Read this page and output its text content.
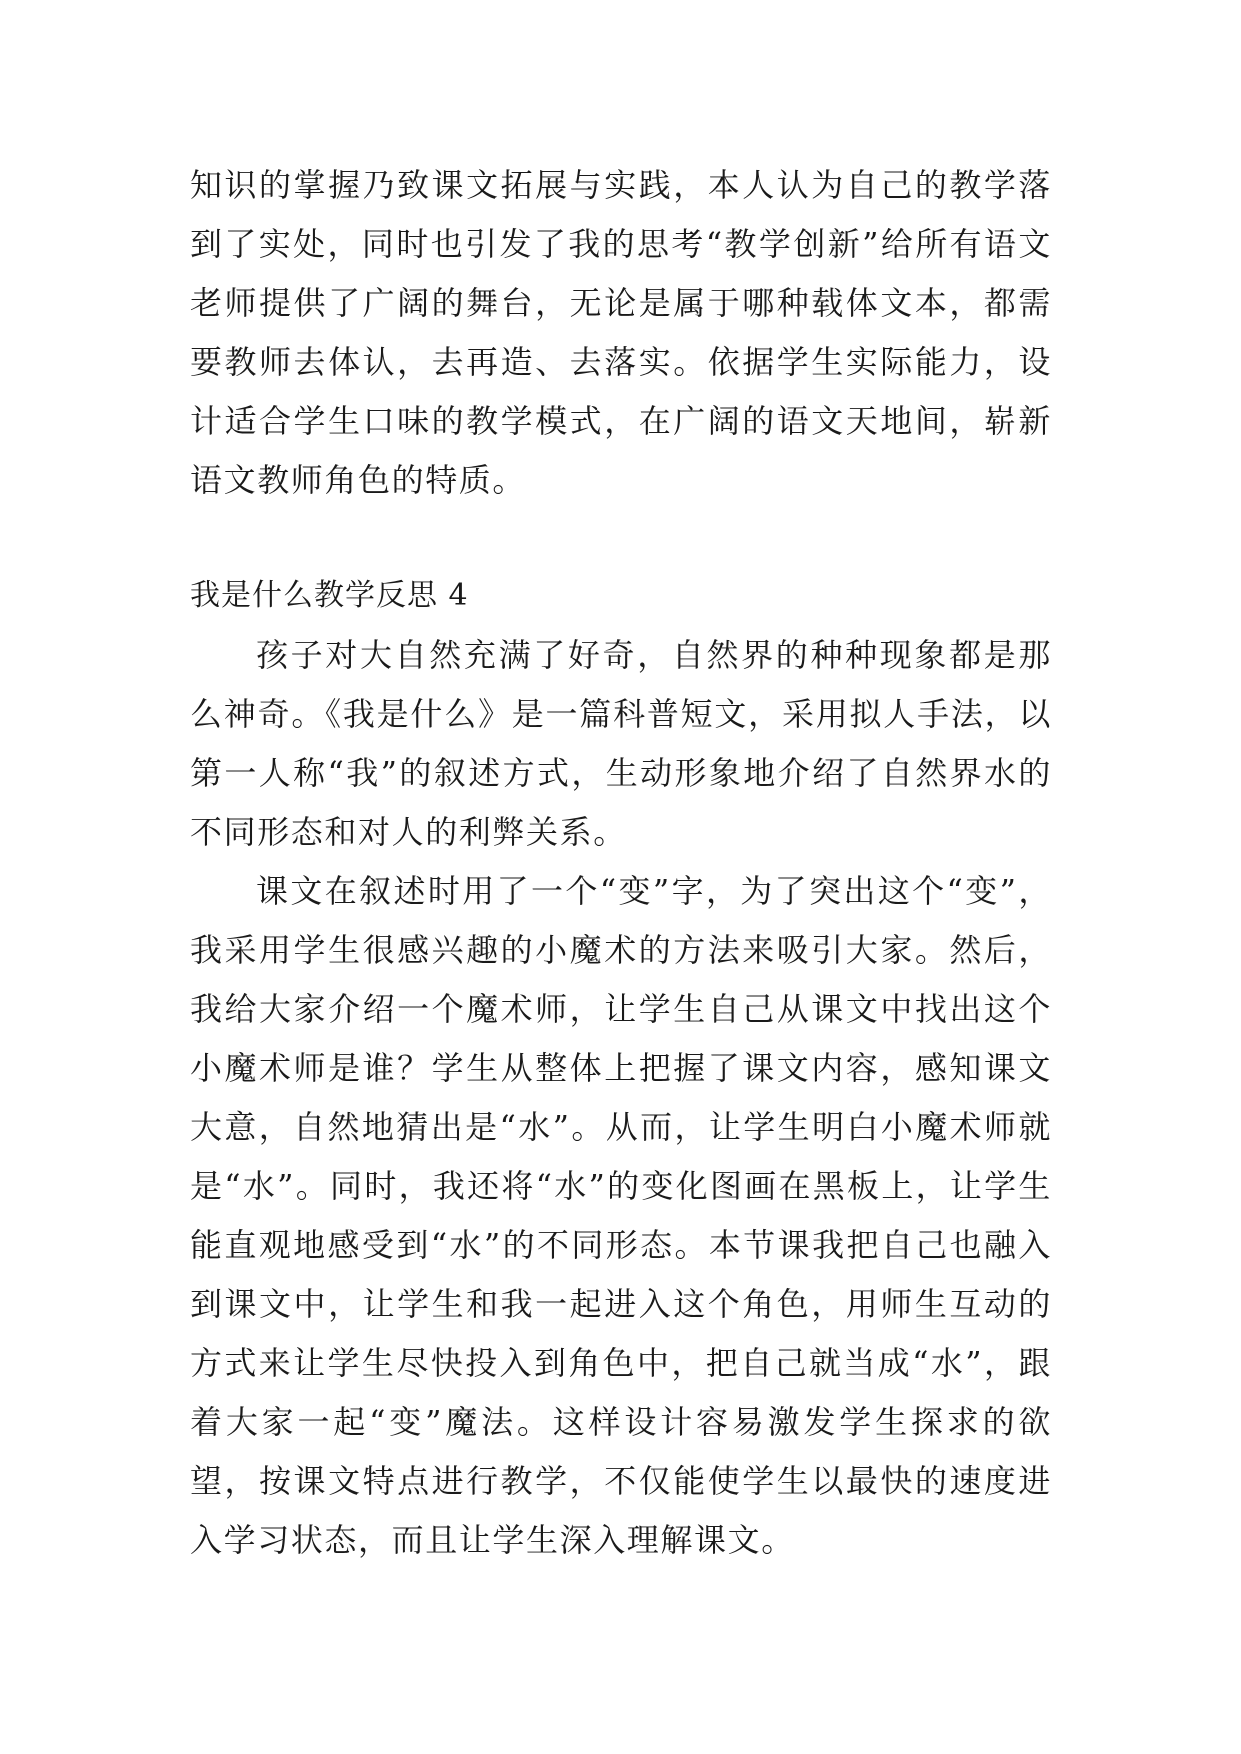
知识的掌握乃致课文拓展与实践，本人认为自己的教学落到了实处，同时也引发了我的思考“教学创新”给所有语文老师提供了广阔的舞台，无论是属于哪种载体文本，都需要教师去体认，去再造、去落实。依据学生实际能力，设计适合学生口味的教学模式，在广阔的语文天地间，崭新语文教师角色的特质。

我是什么教学反思 4

孩子对大自然充满了好奇，自然界的种种现象都是那么神奇。《我是什么》是一篇科普短文，采用拟人手法，以第一人称“我”的叙述方式，生动形象地介绍了自然界水的不同形态和对人的利弊关系。

课文在叙述时用了一个“变”字，为了突出这个“变”，我采用学生很感兴趣的小魔术的方法来吸引大家。然后，我给大家介绍一个魔术师，让学生自己从课文中找出这个小魔术师是谁？学生从整体上把握了课文内容，感知课文大意，自然地猜出是“水”。从而，让学生明白小魔术师就是“水”。同时，我还将“水”的变化图画在黑板上，让学生能直观地感受到“水”的不同形态。本节课我把自己也融入到课文中，让学生和我一起进入这个角色，用师生互动的方式来让学生尽快投入到角色中，把自己就当成“水”，跟着大家一起“变”魔法。这样设计容易激发学生探求的欲望，按课文特点进行教学，不仅能使学生以最快的速度进入学习状态，而且让学生深入理解课文。
